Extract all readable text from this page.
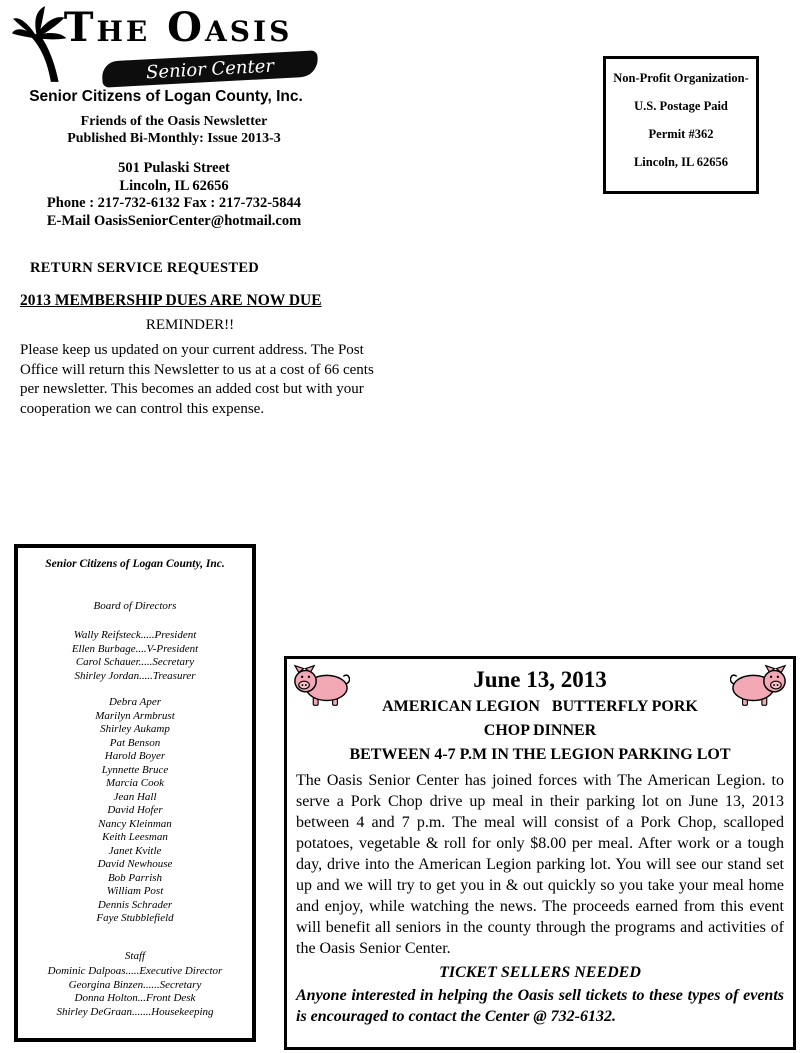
The Oasis
Senior Center
Senior Citizens of Logan County, Inc.
Friends of the Oasis Newsletter
Published Bi-Monthly: Issue 2013-3
501 Pulaski Street
Lincoln, IL 62656
Phone : 217-732-6132 Fax : 217-732-5844
E-Mail OasisSeniorCenter@hotmail.com
Non-Profit Organization-
U.S. Postage Paid
Permit #362
Lincoln, IL 62656
RETURN SERVICE REQUESTED
2013 MEMBERSHIP DUES ARE NOW DUE
REMINDER!!
Please keep us updated on your current address. The Post Office will return this Newsletter to us at a cost of 66 cents per newsletter. This becomes an added cost but with your cooperation we can control this expense.
Senior Citizens of Logan County, Inc.
Board of Directors
Wally Reifsteck.....President
Ellen Burbage....V-President
Carol Schauer.....Secretary
Shirley Jordan.....Treasurer
Debra Aper
Marilyn Armbrust
Shirley Aukamp
Pat Benson
Harold Boyer
Lynnette Bruce
Marcia Cook
Jean Hall
David Hofer
Nancy Kleinman
Keith Leesman
Janet Kvitle
David Newhouse
Bob Parrish
William Post
Dennis Schrader
Faye Stubblefield
Staff
Dominic Dalpoas.....Executive Director
Georgina Binzen......Secretary
Donna Holton...Front Desk
Shirley DeGraan.......Housekeeping
June 13, 2013
AMERICAN LEGION   BUTTERFLY PORK
CHOP DINNER
BETWEEN 4-7 P.M IN THE LEGION PARKING LOT
The Oasis Senior Center has joined forces with The American Legion. to serve a Pork Chop drive up meal in their parking lot on June 13, 2013 between 4 and 7 p.m. The meal will consist of a Pork Chop, scalloped potatoes, vegetable & roll for only $8.00 per meal. After work or a tough day, drive into the American Legion parking lot. You will see our stand set up and we will try to get you in & out quickly so you take your meal home and enjoy, while watching the news. The proceeds earned from this event will benefit all seniors in the county through the programs and activities of the Oasis Senior Center.
TICKET SELLERS NEEDED
Anyone interested in helping the Oasis sell tickets to these types of events is encouraged to contact the Center @ 732-6132.
